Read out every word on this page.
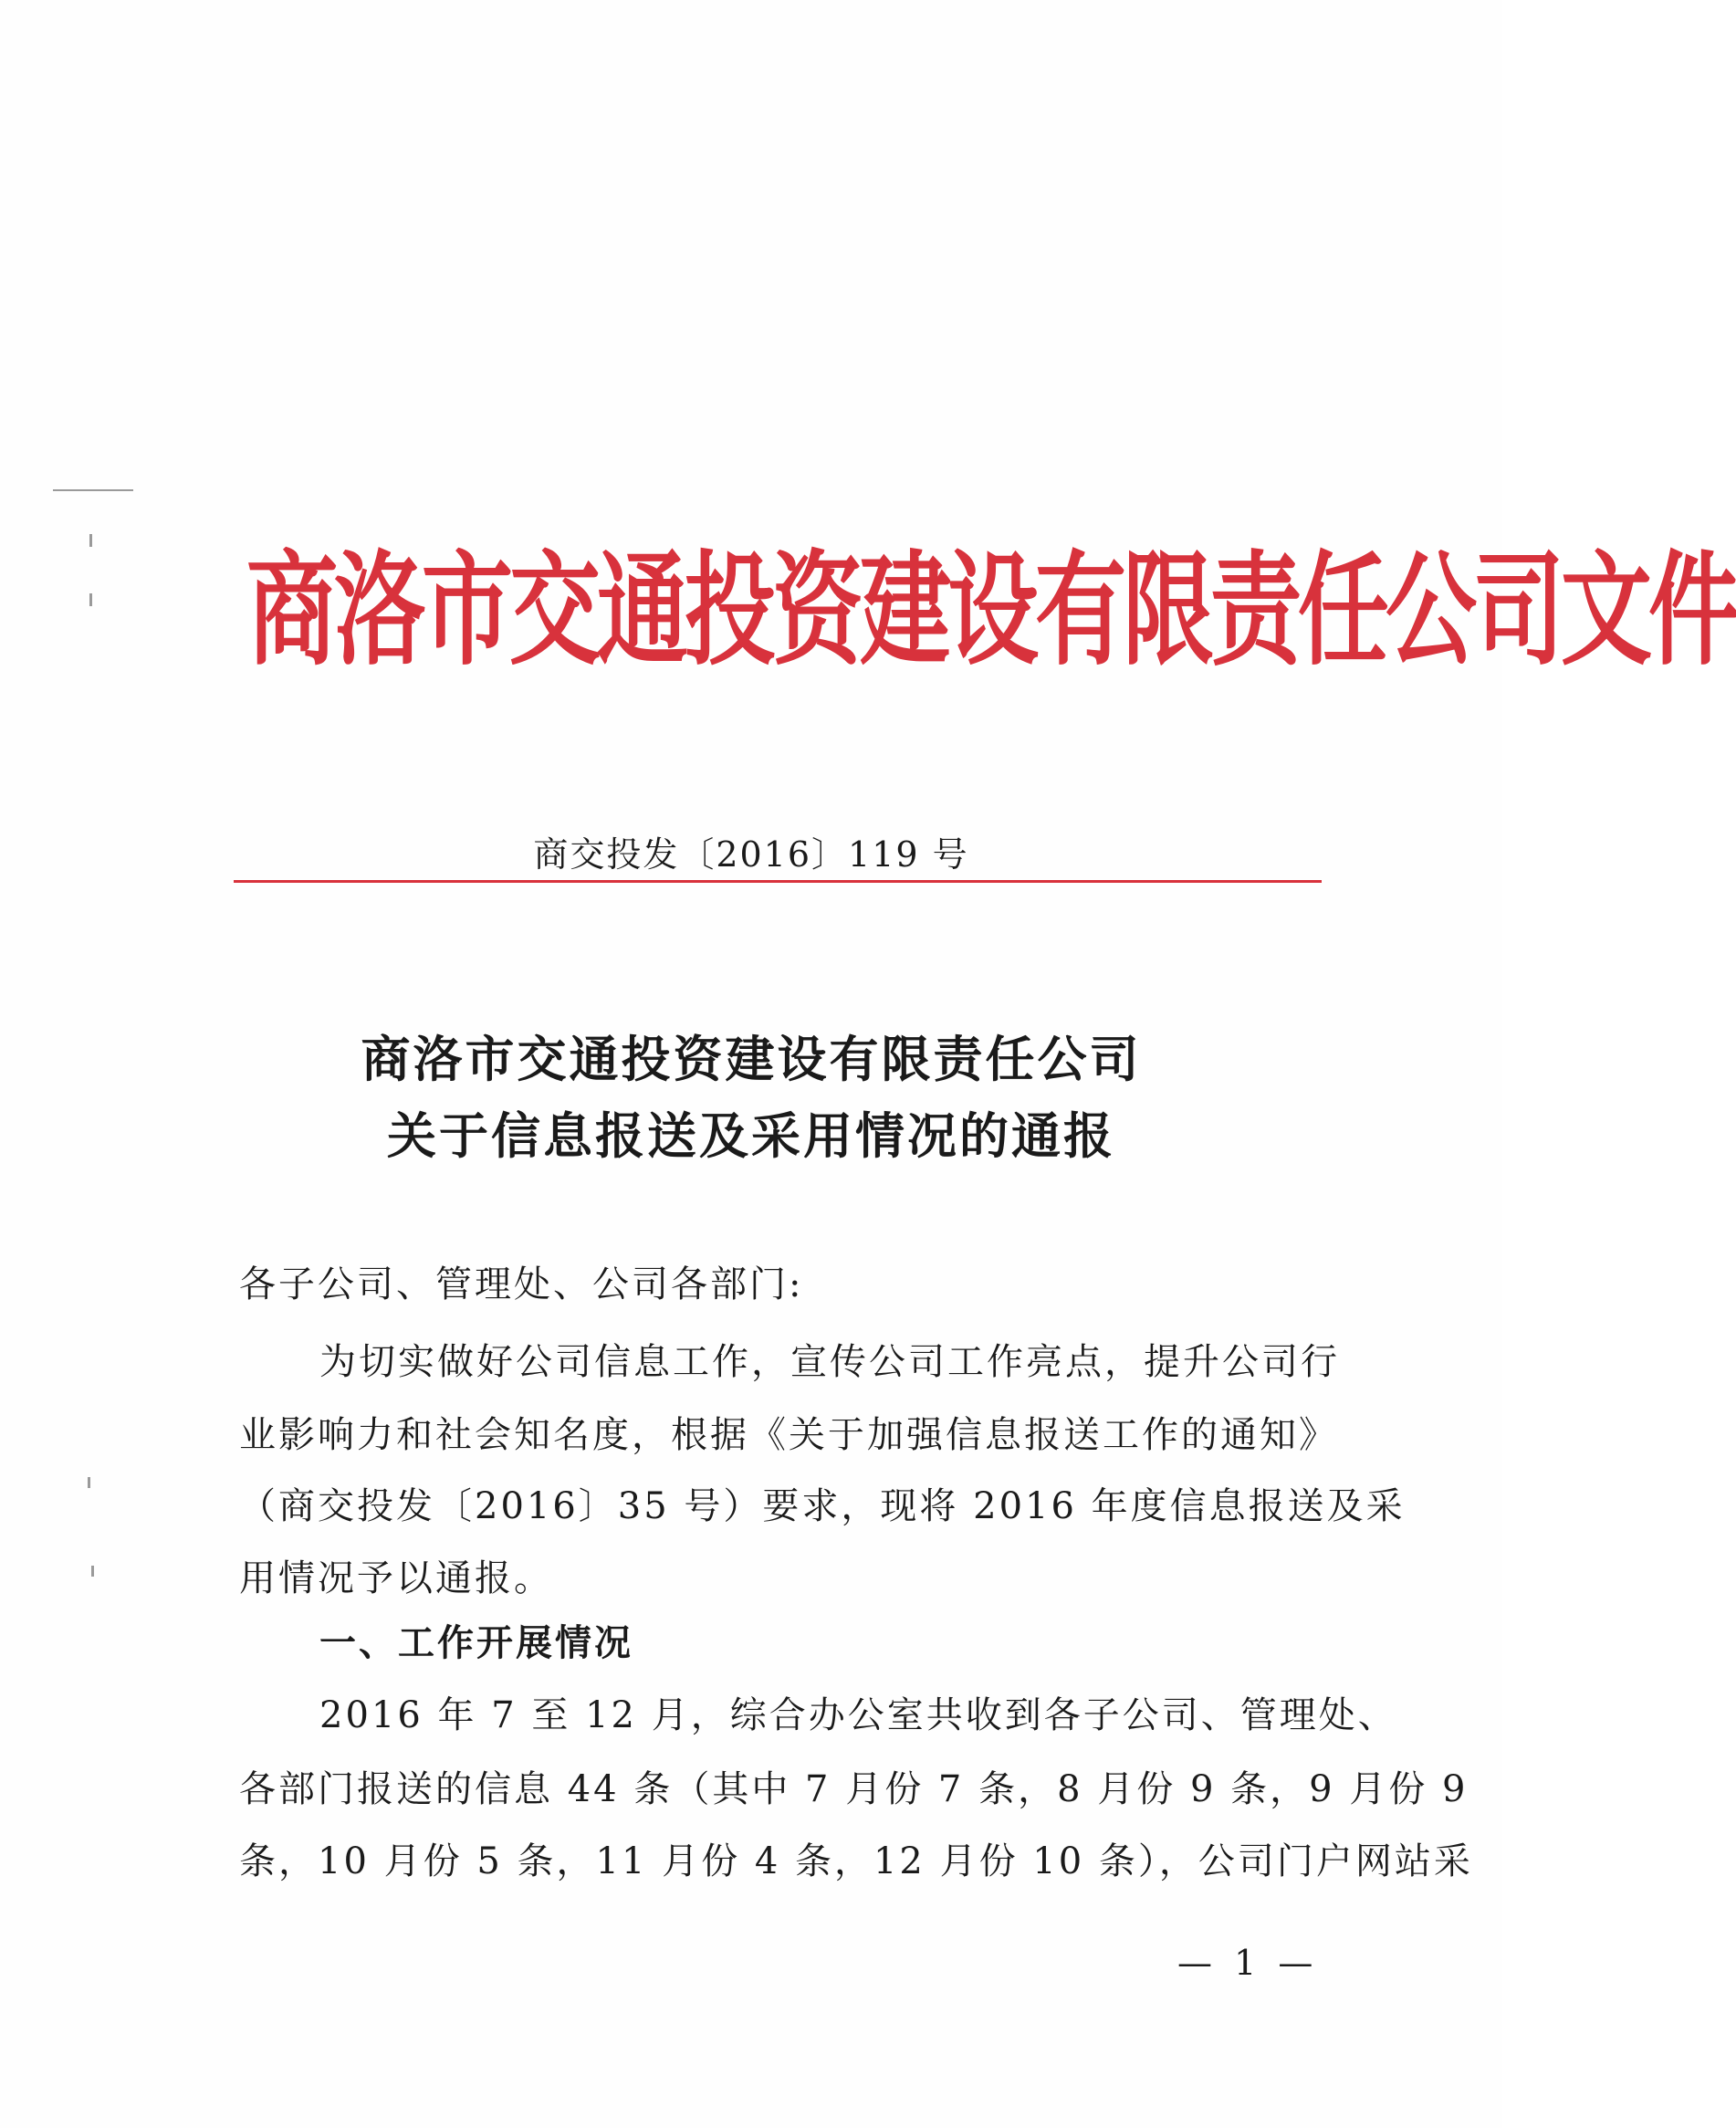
商洛市交通投资建设有限责任公司文件
商交投发〔2016〕119 号
商洛市交通投资建设有限责任公司
关于信息报送及采用情况的通报
各子公司、管理处、公司各部门:
为切实做好公司信息工作，宣传公司工作亮点，提升公司行
业影响力和社会知名度，根据《关于加强信息报送工作的通知》
（商交投发〔2016〕35 号）要求，现将 2016 年度信息报送及采
用情况予以通报。
一、工作开展情况
2016 年 7 至 12 月，综合办公室共收到各子公司、管理处、
各部门报送的信息 44 条（其中 7 月份 7 条，8 月份 9 条，9 月份 9
条，10 月份 5 条，11 月份 4 条，12 月份 10 条），公司门户网站采
— 1 —
